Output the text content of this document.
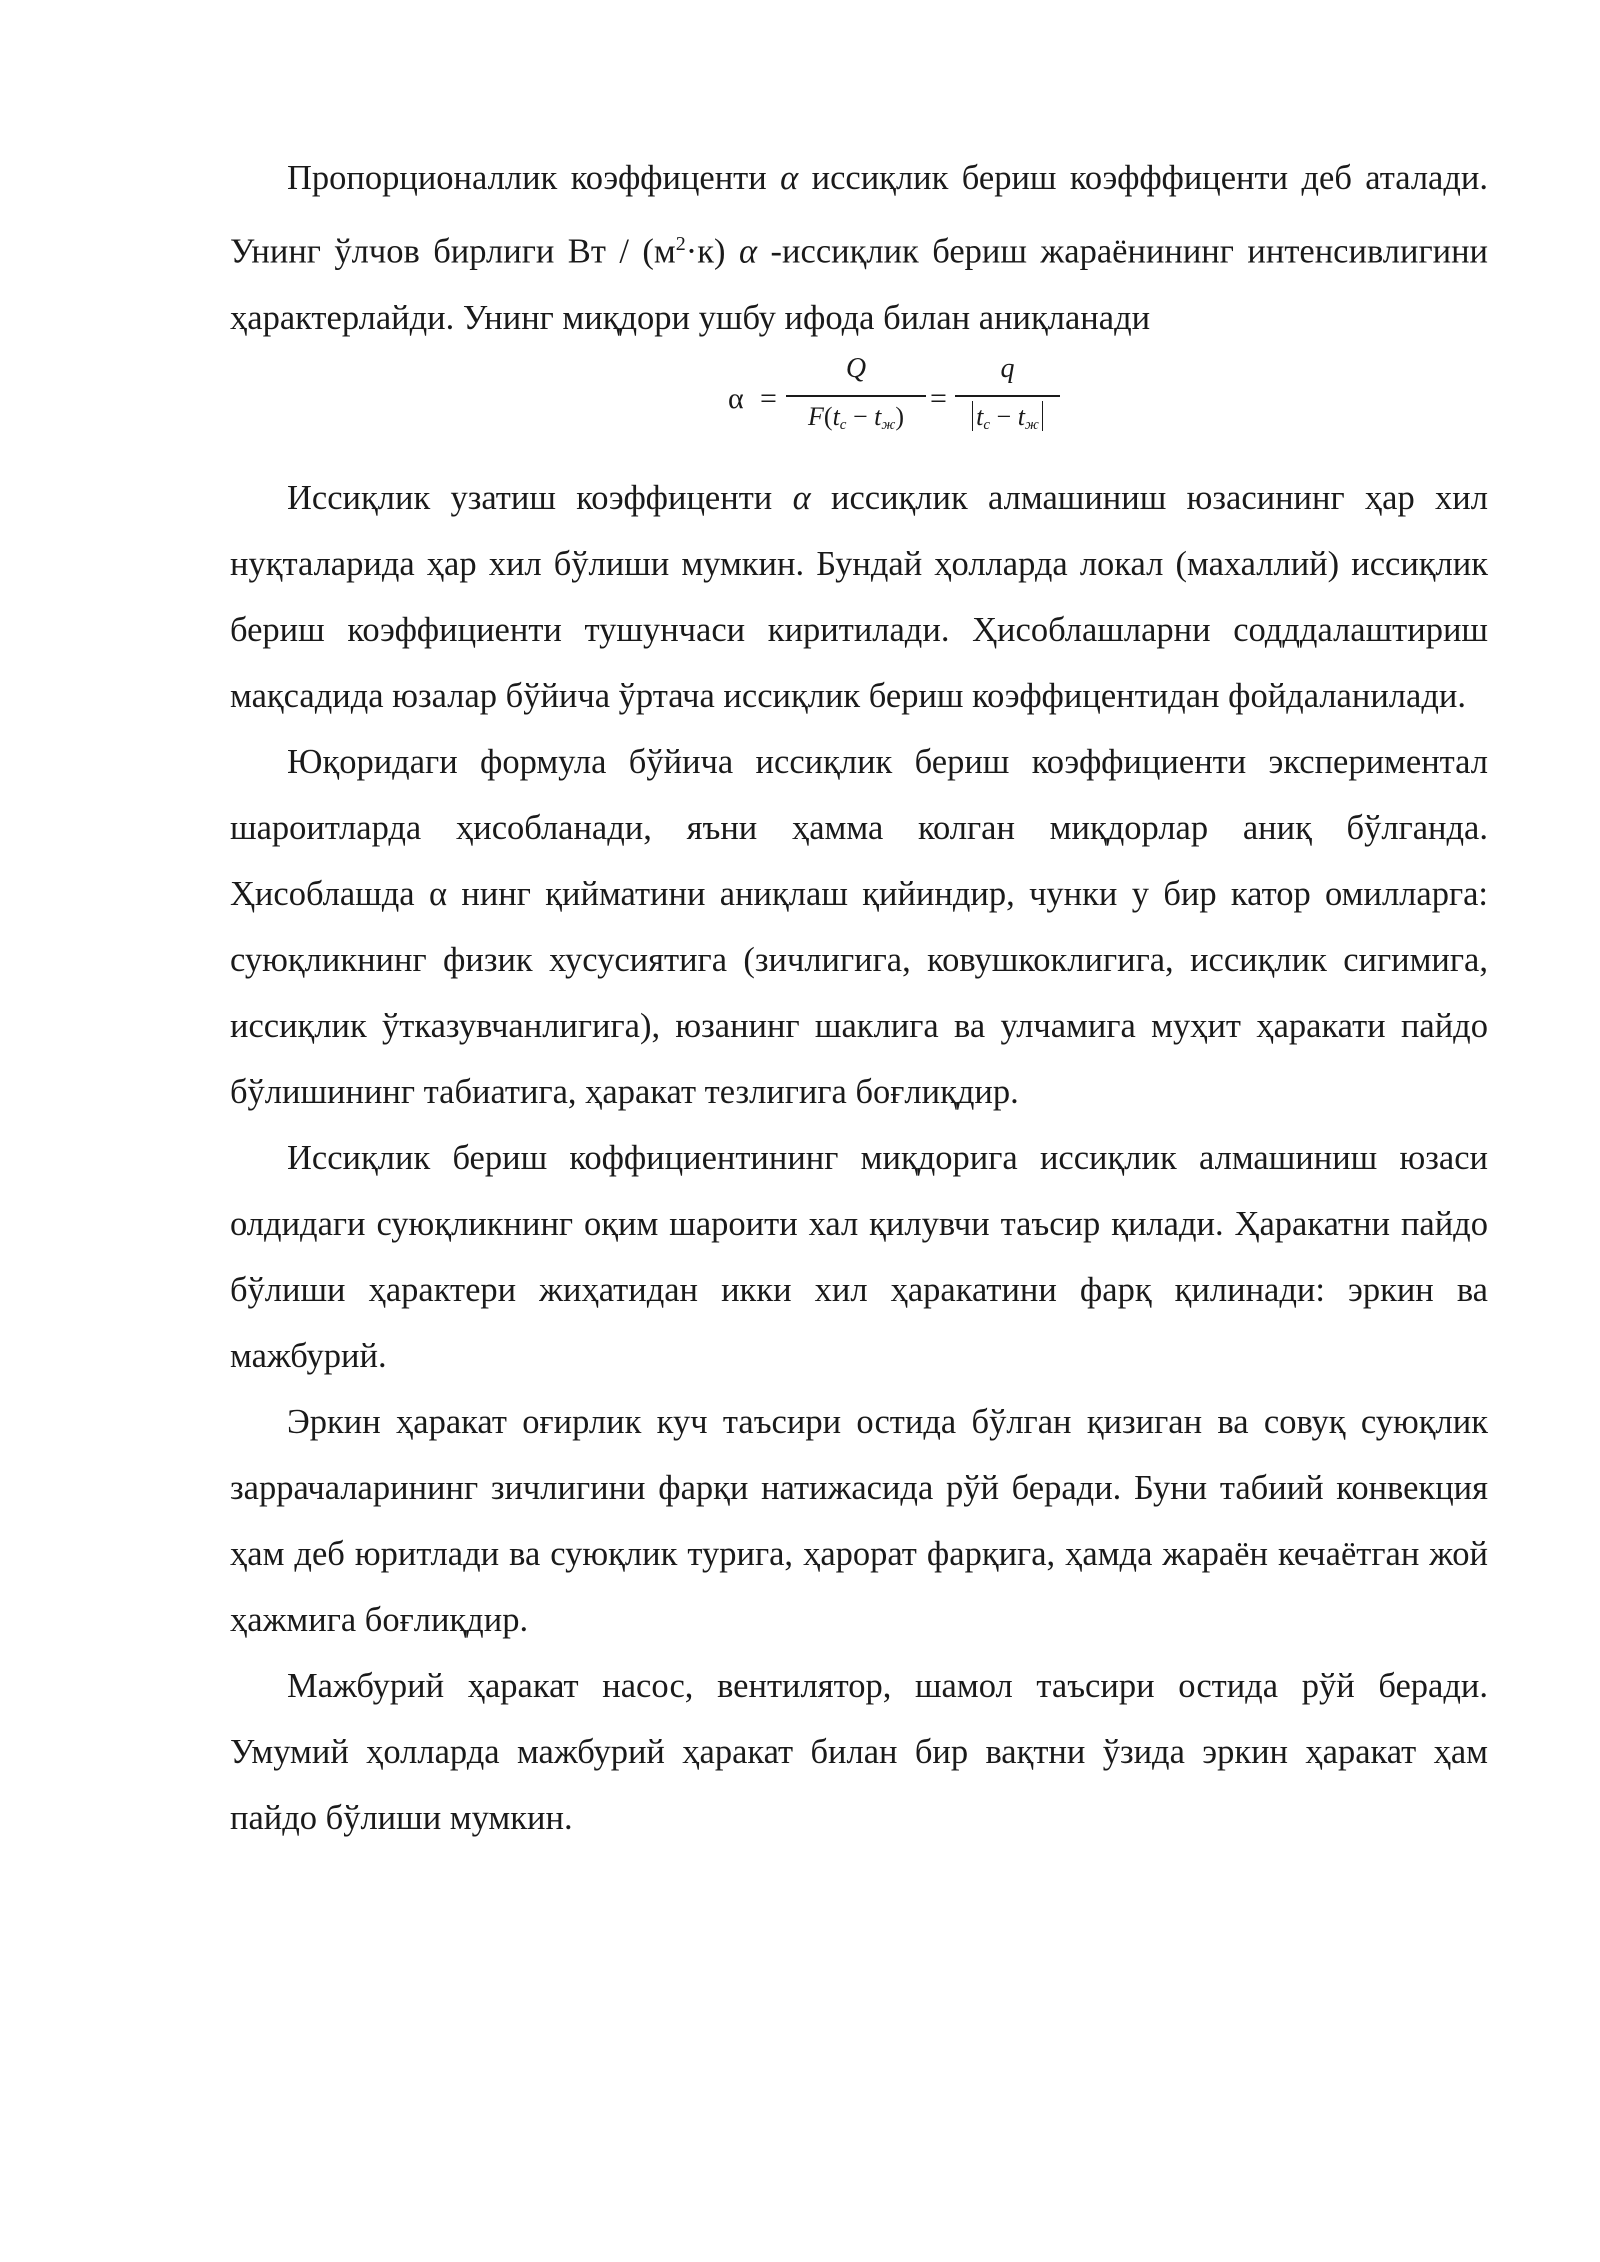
Пропорционаллик коэффиценти α иссиқлик бериш коэфффиценти деб аталади. Унинг ўлчов бирлиги Вт / $(м^2\cdot к)$ α -иссиқлик бериш жараёнининг интенсивлигини ҳарактерлайди. Унинг миқдори ушбу ифода билан аниқланади

α =
Q
$F(t_с - t_ж)$
=
q
$t_с - t_ж$

Иссиқлик узатиш коэффиценти α иссиқлик алмашиниш юзасининг ҳар хил нуқталарида ҳар хил бўлиши мумкин. Бундай ҳолларда локал (махаллий) иссиқлик бериш коэффициенти тушунчаси киритилади. Ҳисоблашларни содддалаштириш мақсадида юзалар бўйича ўртача иссиқлик бериш коэффицентидан фойдаланилади.

Юқоридаги формула бўйича иссиқлик бериш коэффициенти экспериментал шароитларда ҳисобланади, яъни ҳамма колган миқдорлар аниқ бўлганда. Ҳисоблашда α нинг қийматини аниқлаш қийиндир, чунки у бир катор омилларга: суюқликнинг физик хусусиятига (зичлигига, ковушкоклигига, иссиқлик сигимига, иссиқлик ўтказувчанлигига), юзанинг шаклига ва улчамига муҳит ҳаракати пайдо бўлишининг табиатига, ҳаракат тезлигига боғлиқдир.

Иссиқлик бериш коффициентининг миқдорига иссиқлик алмашиниш юзаси олдидаги суюқликнинг оқим шароити хал қилувчи таъсир қилади. Ҳаракатни пайдо бўлиши ҳарактери жиҳатидан икки хил ҳаракатини фарқ қилинади: эркин ва мажбурий.

Эркин ҳаракат оғирлик куч таъсири остида бўлган қизиган ва совуқ суюқлик заррачаларининг зичлигини фарқи натижасида рўй беради. Буни табиий конвекция ҳам деб юритлади ва суюқлик турига, ҳарорат фарқига, ҳамда жараён кечаётган жой ҳажмига боғлиқдир.

Мажбурий ҳаракат насос, вентилятор, шамол таъсири остида рўй беради. Умумий ҳолларда мажбурий ҳаракат билан бир вақтни ўзида эркин ҳаракат ҳам пайдо бўлиши мумкин.
